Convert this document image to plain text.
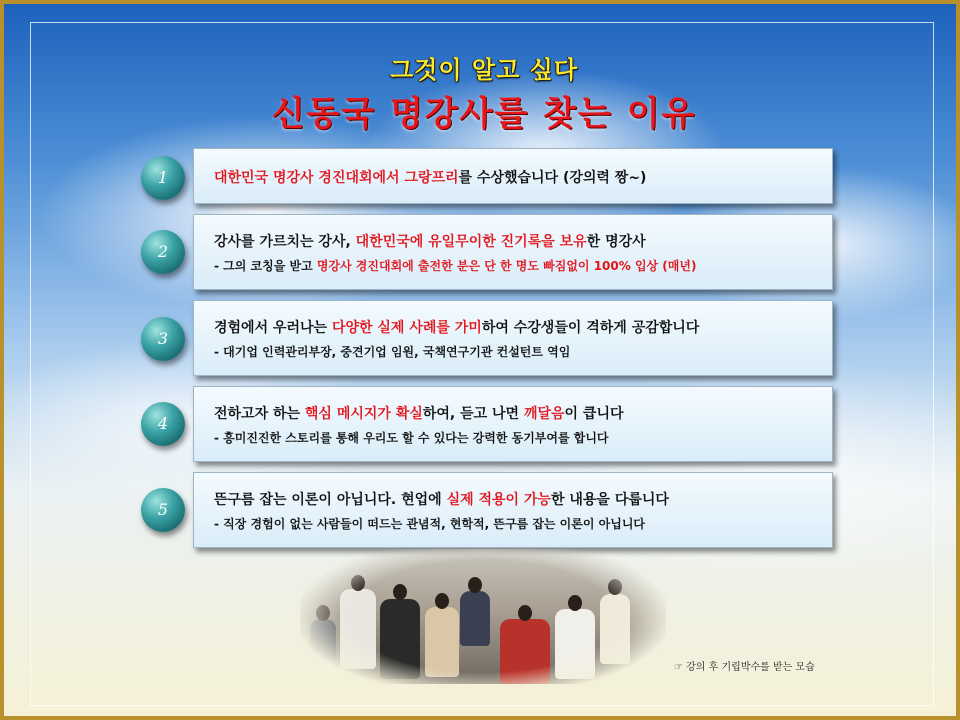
그것이 알고 싶다
신동국 명강사를 찾는 이유
1	대한민국 명강사 경진대회에서 그랑프리를 수상했습니다 (강의력 짱~)
2	강사를 가르치는 강사, 대한민국에 유일무이한 진기록을 보유한 명강사
- 그의 코칭을 받고 명강사 경진대회에 출전한 분은 단 한 명도 빠짐없이 100% 입상 (매년)
3
경험에서 우러나는 다양한 실제 사례를 가미하여 수강생들이 격하게 공감합니다
- 대기업 인력관리부장, 중견기업 임원, 국책연구기관 컨설턴트 역임
4	전하고자 하는 핵심 메시지가 확실하여, 듣고 나면 깨달음이 큽니다
- 흥미진진한 스토리를 통해 우리도 할 수 있다는 강력한 동기부여를 합니다
5	뜬구름 잡는 이론이 아닙니다. 현업에 실제 적용이 가능한 내용을 다룹니다
- 직장 경험이 없는 사람들이 떠드는 관념적, 현학적, 뜬구름 잡는 이론이 아닙니다
☞ 강의 후 기립박수를 받는 모습
